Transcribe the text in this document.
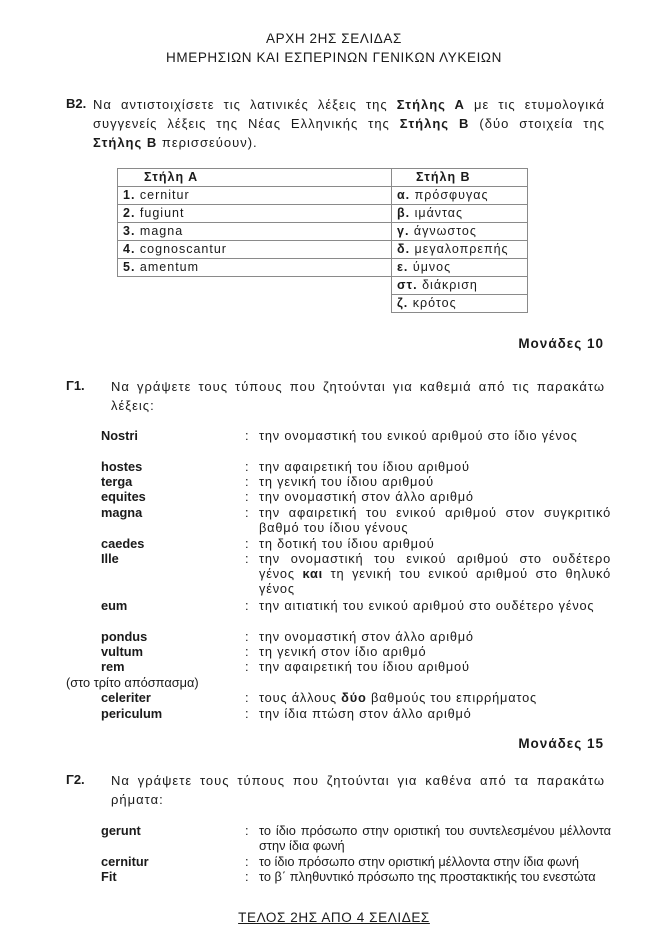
ΑΡΧΗ 2ΗΣ ΣΕΛΙΔΑΣ
ΗΜΕΡΗΣΙΩΝ ΚΑΙ ΕΣΠΕΡΙΝΩΝ ΓΕΝΙΚΩΝ ΛΥΚΕΙΩΝ
Β2. Να αντιστοιχίσετε τις λατινικές λέξεις της Στήλης Α με τις ετυμολογικά συγγενείς λέξεις της Νέας Ελληνικής της Στήλης Β (δύο στοιχεία της Στήλης Β περισσεύουν).
Στήλη Α	Στήλη Β
1. cernitur	α. πρόσφυγας
2. fugiunt	β. ιμάντας
3. magna	γ. άγνωστος
4. cognoscantur	δ. μεγαλοπρεπής
5. amentum	ε. ύμνος
	στ. διάκριση
	ζ. κρότος
Μονάδες 10
Γ1. Να γράψετε τους τύπους που ζητούνται για καθεμιά από τις παρακάτω λέξεις:
Nostri	: την ονομαστική του ενικού αριθμού στο ίδιο γένος
hostes	: την αφαιρετική του ίδιου αριθμού
terga	: τη γενική του ίδιου αριθμού
equites	: την ονομαστική στον άλλο αριθμό
magna	: την αφαιρετική του ενικού αριθμού στον συγκριτικό βαθμό του ίδιου γένους
caedes	: τη δοτική του ίδιου αριθμού
Ille	: την ονομαστική του ενικού αριθμού στο ουδέτερο γένος και τη γενική του ενικού αριθμού στο θηλυκό γένος
eum	: την αιτιατική του ενικού αριθμού στο ουδέτερο γένος
pondus	: την ονομαστική στον άλλο αριθμό
vultum	: τη γενική στον ίδιο αριθμό
rem	: την αφαιρετική του ίδιου αριθμού
celeriter	: τους άλλους δύο βαθμούς του επιρρήματος
periculum	: την ίδια πτώση στον άλλο αριθμό
(στο τρίτο απόσπασμα)
Μονάδες 15
Γ2. Να γράψετε τους τύπους που ζητούνται για καθένα από τα παρακάτω ρήματα:
gerunt	: το ίδιο πρόσωπο στην οριστική του συντελεσμένου μέλλοντα στην ίδια φωνή
cernitur	: το ίδιο πρόσωπο στην οριστική μέλλοντα στην ίδια φωνή
Fit	: το β΄ πληθυντικό πρόσωπο της προστακτικής του ενεστώτα
ΤΕΛΟΣ 2ΗΣ ΑΠΟ 4 ΣΕΛΙΔΕΣ
